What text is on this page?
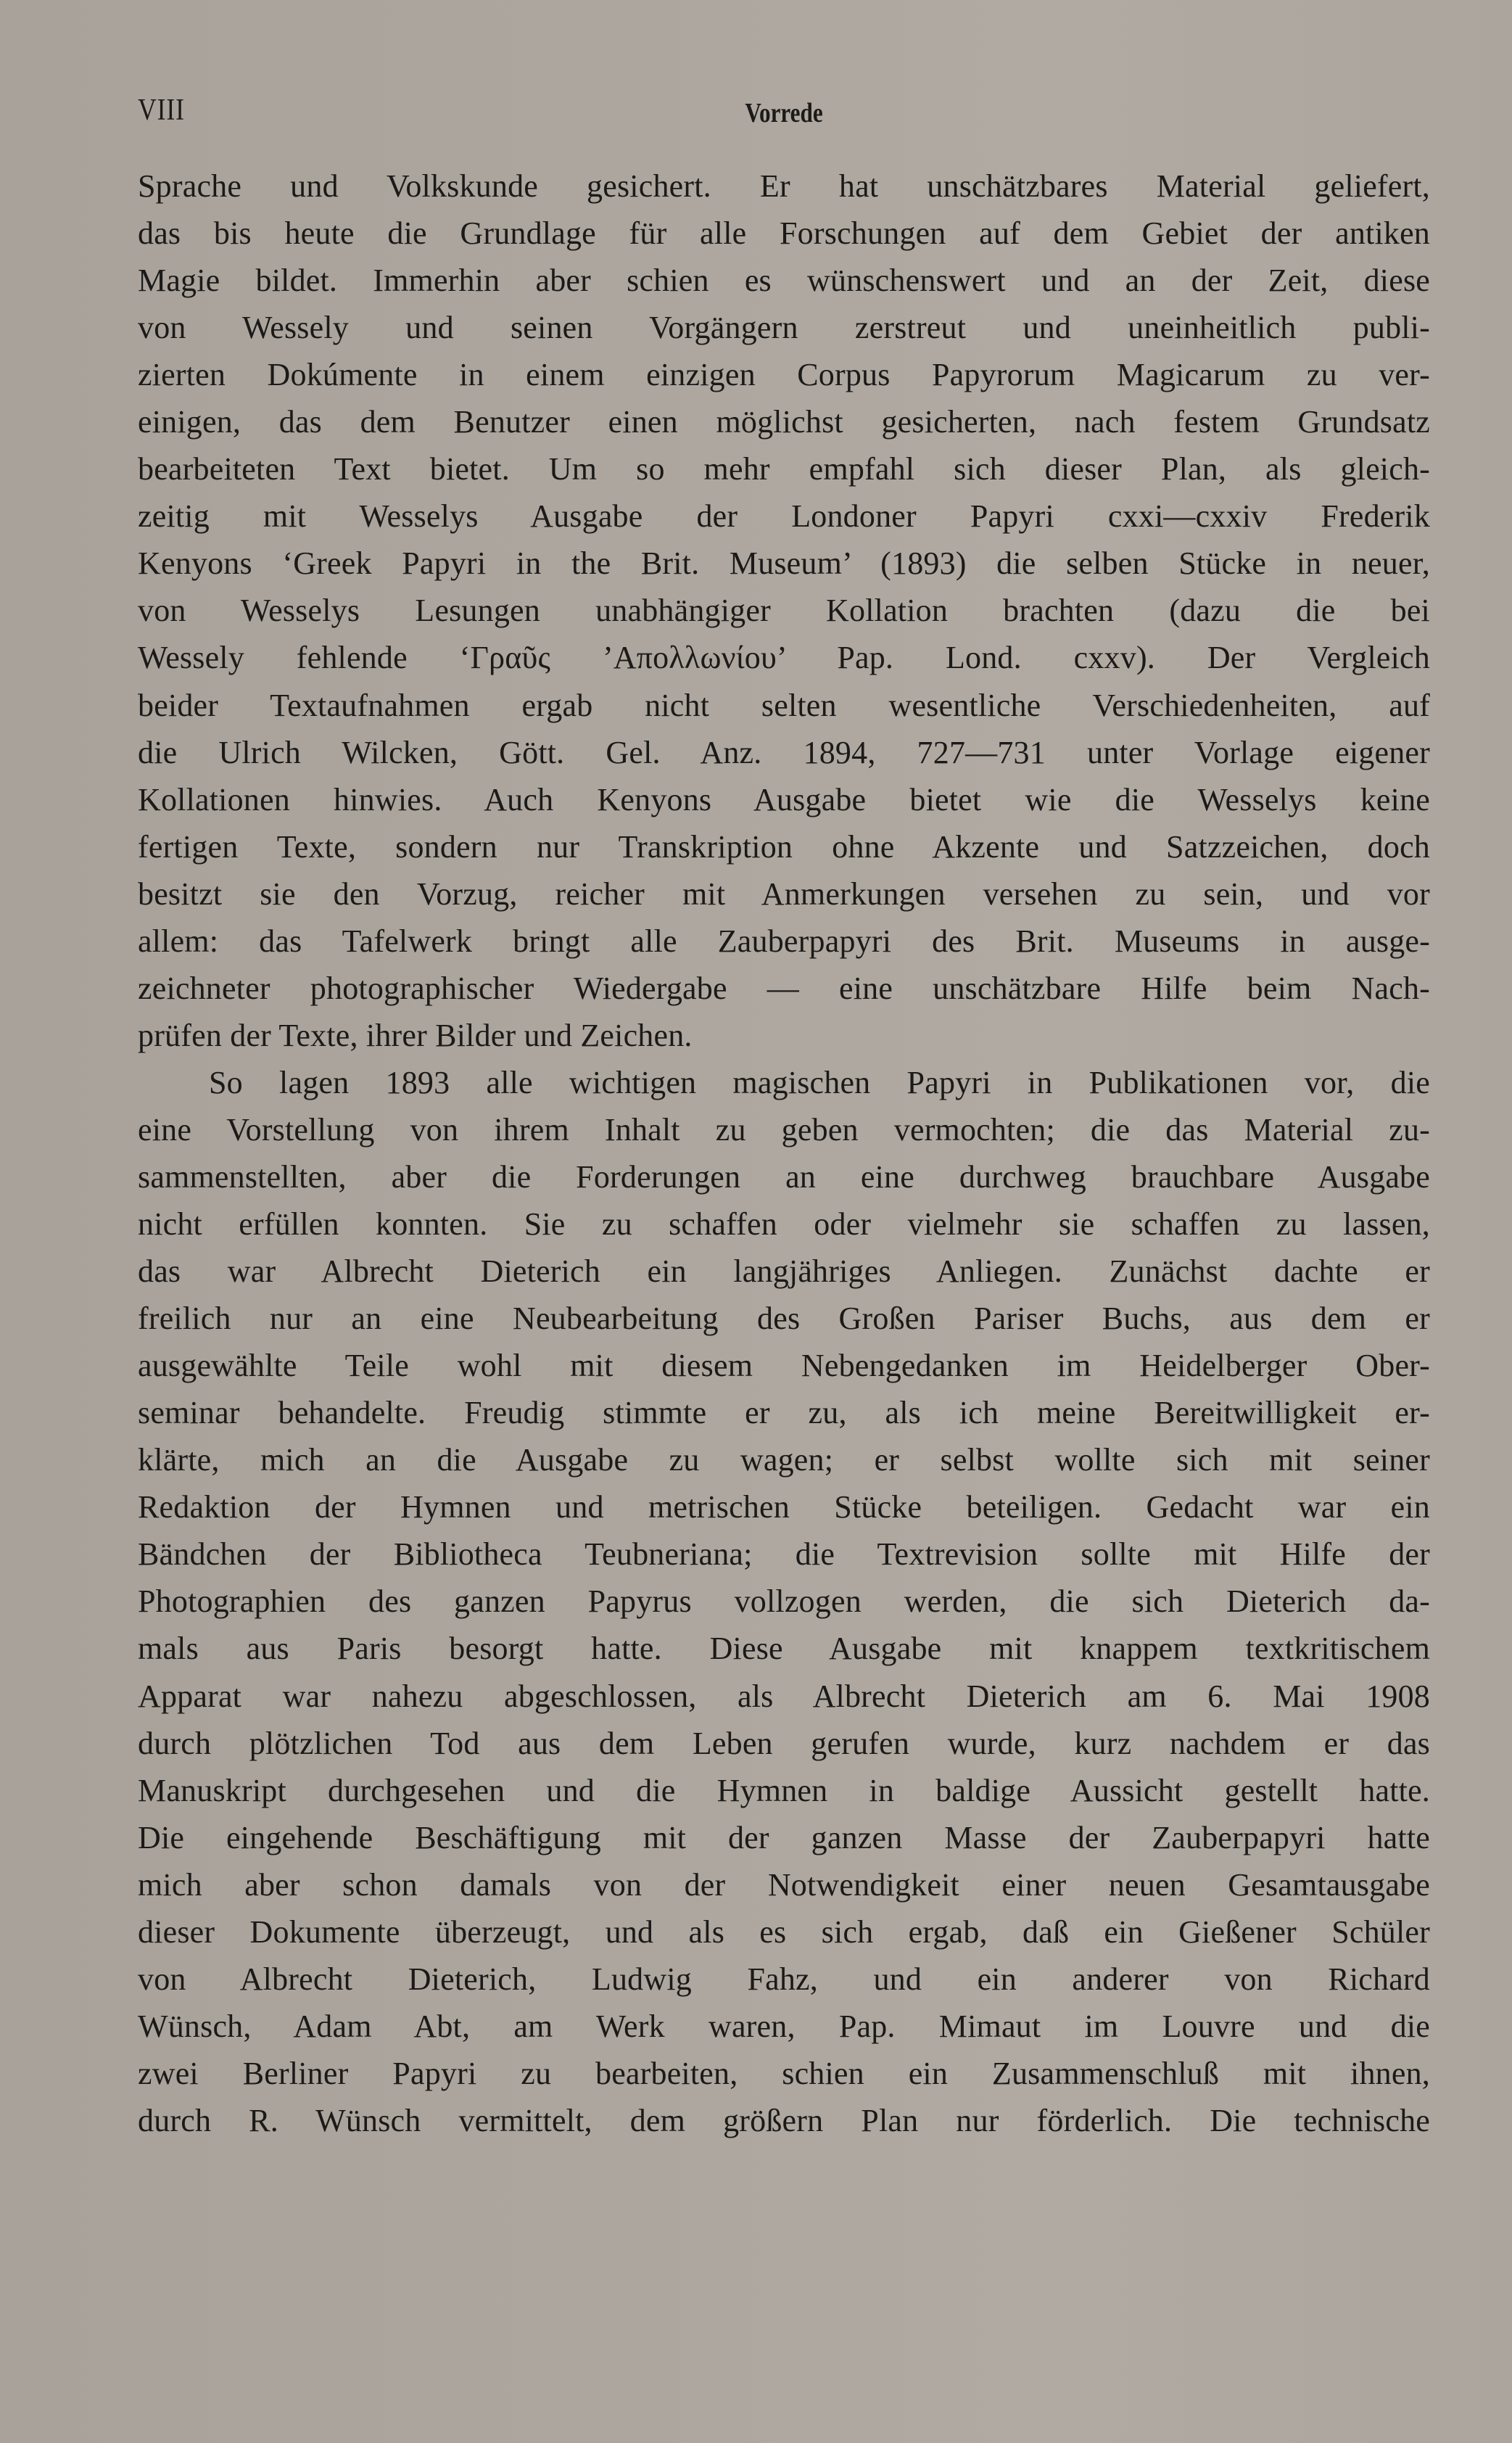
VIII	Vorrede
Sprache und Volkskunde gesichert. Er hat unschätzbares Material geliefert,
das bis heute die Grundlage für alle Forschungen auf dem Gebiet der antiken
Magie bildet. Immerhin aber schien es wünschenswert und an der Zeit, diese
von Wessely und seinen Vorgängern zerstreut und uneinheitlich publi-
zierten Dokúmente in einem einzigen Corpus Papyrorum Magicarum zu ver-
einigen, das dem Benutzer einen möglichst gesicherten, nach festem Grundsatz
bearbeiteten Text bietet. Um so mehr empfahl sich dieser Plan, als gleich-
zeitig mit Wesselys Ausgabe der Londoner Papyri cxxi—cxxiv Frederik
Kenyons ‘Greek Papyri in the Brit. Museum’ (1893) die selben Stücke in neuer,
von Wesselys Lesungen unabhängiger Kollation brachten (dazu die bei
Wessely fehlende ‘Γραῦς ’Απολλωνίου’ Pap. Lond. cxxv). Der Vergleich
beider Textaufnahmen ergab nicht selten wesentliche Verschiedenheiten, auf
die Ulrich Wilcken, Gött. Gel. Anz. 1894, 727—731 unter Vorlage eigener
Kollationen hinwies. Auch Kenyons Ausgabe bietet wie die Wesselys keine
fertigen Texte, sondern nur Transkription ohne Akzente und Satzzeichen, doch
besitzt sie den Vorzug, reicher mit Anmerkungen versehen zu sein, und vor
allem: das Tafelwerk bringt alle Zauberpapyri des Brit. Museums in ausge-
zeichneter photographischer Wiedergabe — eine unschätzbare Hilfe beim Nach-
prüfen der Texte, ihrer Bilder und Zeichen.
So lagen 1893 alle wichtigen magischen Papyri in Publikationen vor, die
eine Vorstellung von ihrem Inhalt zu geben vermochten; die das Material zu-
sammenstellten, aber die Forderungen an eine durchweg brauchbare Ausgabe
nicht erfüllen konnten. Sie zu schaffen oder vielmehr sie schaffen zu lassen,
das war Albrecht Dieterich ein langjähriges Anliegen. Zunächst dachte er
freilich nur an eine Neubearbeitung des Großen Pariser Buchs, aus dem er
ausgewählte Teile wohl mit diesem Nebengedanken im Heidelberger Ober-
seminar behandelte. Freudig stimmte er zu, als ich meine Bereitwilligkeit er-
klärte, mich an die Ausgabe zu wagen; er selbst wollte sich mit seiner
Redaktion der Hymnen und metrischen Stücke beteiligen. Gedacht war ein
Bändchen der Bibliotheca Teubneriana; die Textrevision sollte mit Hilfe der
Photographien des ganzen Papyrus vollzogen werden, die sich Dieterich da-
mals aus Paris besorgt hatte. Diese Ausgabe mit knappem textkritischem
Apparat war nahezu abgeschlossen, als Albrecht Dieterich am 6. Mai 1908
durch plötzlichen Tod aus dem Leben gerufen wurde, kurz nachdem er das
Manuskript durchgesehen und die Hymnen in baldige Aussicht gestellt hatte.
Die eingehende Beschäftigung mit der ganzen Masse der Zauberpapyri hatte
mich aber schon damals von der Notwendigkeit einer neuen Gesamtausgabe
dieser Dokumente überzeugt, und als es sich ergab, daß ein Gießener Schüler
von Albrecht Dieterich, Ludwig Fahz, und ein anderer von Richard
Wünsch, Adam Abt, am Werk waren, Pap. Mimaut im Louvre und die
zwei Berliner Papyri zu bearbeiten, schien ein Zusammenschluß mit ihnen,
durch R. Wünsch vermittelt, dem größern Plan nur förderlich. Die technische
